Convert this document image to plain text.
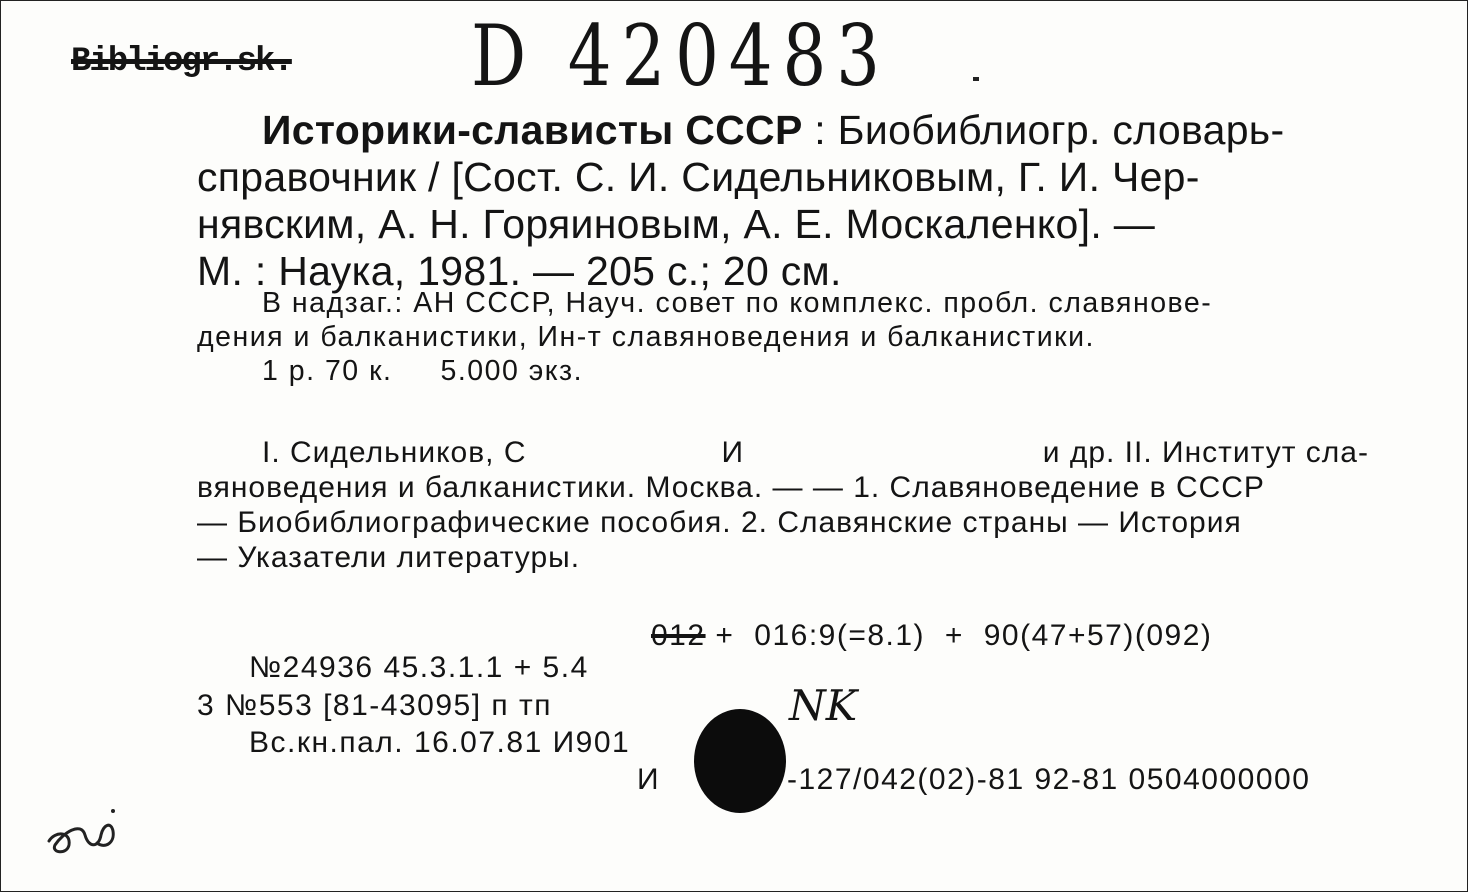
Bibliogr.sk. D 420483
Историки-слависты СССР : Биобиблиогр. словарь-
справочник / [Сост. С. И. Сидельниковым, Г. И. Чер-
нявским, А. Н. Горяиновым, А. Е. Москаленко]. —
М. : Наука, 1981. — 205 с.; 20 см.
В надзаг.: АН СССР, Науч. совет по комплекс. пробл. славянове-
дения и балканистики, Ин-т славяноведения и балканистики.
1 р. 70 к. 5.000 экз.
I. Сидельников, С	И	и др. II. Институт сла-
вяноведения и балканистики. Москва. — — 1. Славяноведение в СССР
— Биобиблиографические пособия. 2. Славянские страны — История
— Указатели литературы.
012 + 016:9(=8.1) + 90(47+57)(092)
№24936 45.3.1.1 + 5.4
3 №553 [81-43095] п тп
Вс.кн.пал. 16.07.81 И901
И	-127/042(02)-81 92-81 0504000000
NK
